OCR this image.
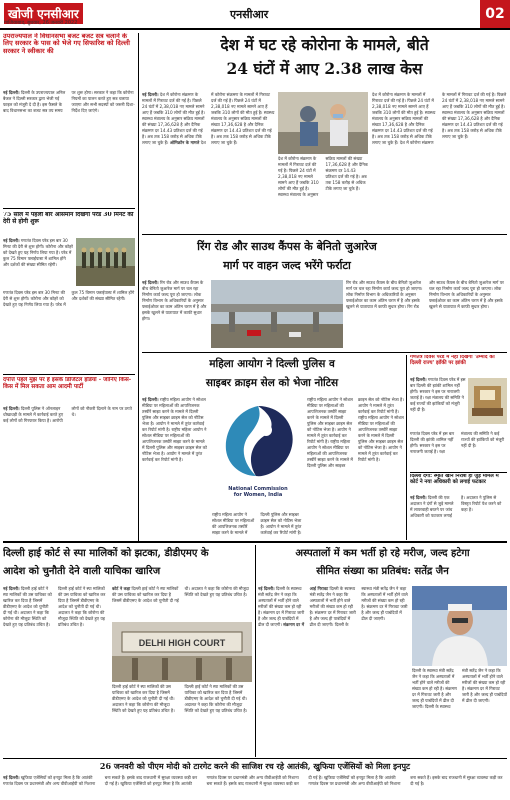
खोजी एनसीआर
गाजियाबाद, बुधवार, 26 जनवरी 2022
एनसीआर	02
उपराज्यपाल ने विधानसभा बजट बजट सत्र चलाने के लिए सरकार के पास को भेजे गए सिफारिश को दिल्ली सरकार ने स्वीकार की
नई दिल्ली। दिल्ली के उपराज्यपाल अनिल बैजल ने दिल्ली सरकार द्वारा भेजी गई फाइल को मंजूरी दे दी है। इस फैसले के बाद विधानसभा का बजट सत्र तय समय पर शुरू होगा। सरकार ने कहा कि कोरोना नियमों का पालन करते हुए सत्र चलाया जाएगा और सभी सदस्यों को जरूरी दिशा-निर्देश दिए जाएंगे।
75 साल में पहली बार आसमान दिखेगा परेड 30 मिनट की देरी से होगी शुरू
नई दिल्ली। गणतंत्र दिवस परेड इस बार 30 मिनट की देरी से शुरू होगी। कोरोना और कोहरे को देखते हुए यह निर्णय लिया गया है। परेड में कुल 75 विमान फ्लाईपास्ट में शामिल होंगे और दर्शकों की संख्या सीमित रहेगी।
गणतंत्र दिवस परेड इस बार 30 मिनट की देरी से शुरू होगी। कोरोना और कोहरे को देखते हुए यह निर्णय लिया गया है। परेड में कुल 75 विमान फ्लाईपास्ट में शामिल होंगे और दर्शकों की संख्या सीमित रहेगी।
दंपत्ति पहले मुझ पर हैं इसके डिजिटल इंडिया - जानिए किस-किस में मिल सकता आम आदमी पार्टी
नई दिल्ली। दिल्ली पुलिस ने ऑनलाइन धोखाधड़ी के मामले में कार्रवाई करते हुए कई लोगों को गिरफ्तार किया है। आरोपी लोगों को नौकरी दिलाने के नाम पर ठगते थे।
देश में घट रहे कोरोना के मामले, बीते
24 घंटों में आए 2.38 लाख केस
नई दिल्ली। देश में कोरोना संक्रमण के मामलों में गिरावट दर्ज की गई है। पिछले 24 घंटों में 2,38,018 नए मामले सामने आए हैं जबकि 310 लोगों की मौत हुई है। स्वास्थ्य मंत्रालय के अनुसार सक्रिय मामलों की संख्या 17,36,628 है और दैनिक संक्रमण दर 14.43 प्रतिशत दर्ज की गई है। अब तक 158 करोड़ से अधिक टीके लगाए जा चुके हैं। ओमिक्रॉन के मामले देश में कोरोना संक्रमण के मामलों में गिरावट दर्ज की गई है। पिछले 24 घंटों में 2,38,018 नए मामले सामने आए हैं जबकि 310 लोगों की मौत हुई है। स्वास्थ्य मंत्रालय के अनुसार सक्रिय मामलों की संख्या 17,36,628 है और दैनिक संक्रमण दर 14.43 प्रतिशत दर्ज की गई है। अब तक 158 करोड़ से अधिक टीके लगाए जा चुके हैं।
देश में कोरोना संक्रमण के मामलों में गिरावट दर्ज की गई है। पिछले 24 घंटों में 2,38,018 नए मामले सामने आए हैं जबकि 310 लोगों की मौत हुई है। स्वास्थ्य मंत्रालय के अनुसार सक्रिय मामलों की संख्या 17,36,628 है और दैनिक संक्रमण दर 14.43 प्रतिशत दर्ज की गई है। अब तक 158 करोड़ से अधिक टीके लगाए जा चुके हैं।
देश में कोरोना संक्रमण के मामलों में गिरावट दर्ज की गई है। पिछले 24 घंटों में 2,38,018 नए मामले सामने आए हैं जबकि 310 लोगों की मौत हुई है। स्वास्थ्य मंत्रालय के अनुसार सक्रिय मामलों की संख्या 17,36,628 है और दैनिक संक्रमण दर 14.43 प्रतिशत दर्ज की गई है। अब तक 158 करोड़ से अधिक टीके लगाए जा चुके हैं। देश में कोरोना संक्रमण के मामलों में गिरावट दर्ज की गई है। पिछले 24 घंटों में 2,38,018 नए मामले सामने आए हैं जबकि 310 लोगों की मौत हुई है। स्वास्थ्य मंत्रालय के अनुसार सक्रिय मामलों की संख्या 17,36,628 है और दैनिक संक्रमण दर 14.43 प्रतिशत दर्ज की गई है। अब तक 158 करोड़ से अधिक टीके लगाए जा चुके हैं।
रिंग रोड और साउथ कैंपस के बेनितो जुआरेज
मार्ग पर वाहन जल्द भरेंगे फर्राटा
नई दिल्ली। रिंग रोड और साउथ कैंपस के बीच बेनितो जुआरेज मार्ग पर चल रहा निर्माण कार्य जल्द पूरा हो जाएगा। लोक निर्माण विभाग के अधिकारियों के अनुसार फ्लाईओवर का काम अंतिम चरण में है और इसके खुलने से यातायात में काफी सुधार होगा।
रिंग रोड और साउथ कैंपस के बीच बेनितो जुआरेज मार्ग पर चल रहा निर्माण कार्य जल्द पूरा हो जाएगा। लोक निर्माण विभाग के अधिकारियों के अनुसार फ्लाईओवर का काम अंतिम चरण में है और इसके खुलने से यातायात में काफी सुधार होगा। रिंग रोड और साउथ कैंपस के बीच बेनितो जुआरेज मार्ग पर चल रहा निर्माण कार्य जल्द पूरा हो जाएगा। लोक निर्माण विभाग के अधिकारियों के अनुसार फ्लाईओवर का काम अंतिम चरण में है और इसके खुलने से यातायात में काफी सुधार होगा।
महिला आयोग ने दिल्ली पुलिस व
साइबर क्राइम सेल को भेजा नोटिस
नई दिल्ली। राष्ट्रीय महिला आयोग ने सोशल मीडिया पर महिलाओं की आपत्तिजनक तस्वीरें साझा करने के मामले में दिल्ली पुलिस और साइबर क्राइम सेल को नोटिस भेजा है। आयोग ने मामले में तुरंत कार्रवाई कर रिपोर्ट मांगी है। राष्ट्रीय महिला आयोग ने सोशल मीडिया पर महिलाओं की आपत्तिजनक तस्वीरें साझा करने के मामले में दिल्ली पुलिस और साइबर क्राइम सेल को नोटिस भेजा है। आयोग ने मामले में तुरंत कार्रवाई कर रिपोर्ट मांगी है।
National Commission
for Women, India
राष्ट्रीय महिला आयोग ने सोशल मीडिया पर महिलाओं की आपत्तिजनक तस्वीरें साझा करने के मामले में दिल्ली पुलिस और साइबर क्राइम सेल को नोटिस भेजा है। आयोग ने मामले में तुरंत कार्रवाई कर रिपोर्ट मांगी है।
राष्ट्रीय महिला आयोग ने सोशल मीडिया पर महिलाओं की आपत्तिजनक तस्वीरें साझा करने के मामले में दिल्ली पुलिस और साइबर क्राइम सेल को नोटिस भेजा है। आयोग ने मामले में तुरंत कार्रवाई कर रिपोर्ट मांगी है। राष्ट्रीय महिला आयोग ने सोशल मीडिया पर महिलाओं की आपत्तिजनक तस्वीरें साझा करने के मामले में दिल्ली पुलिस और साइबर क्राइम सेल को नोटिस भेजा है। आयोग ने मामले में तुरंत कार्रवाई कर रिपोर्ट मांगी है। राष्ट्रीय महिला आयोग ने सोशल मीडिया पर महिलाओं की आपत्तिजनक तस्वीरें साझा करने के मामले में दिल्ली पुलिस और साइबर क्राइम सेल को नोटिस भेजा है। आयोग ने मामले में तुरंत कार्रवाई कर रिपोर्ट मांगी है।
गणतंत्र दिवस परेड में नहीं दिखेगी 'उम्मीदें का दिल्ली राज्य' झाँकी पर झांकी
नई दिल्ली। गणतंत्र दिवस परेड में इस बार दिल्ली की झांकी शामिल नहीं होगी। सरकार ने इस पर नाराजगी जताई है। रक्षा मंत्रालय की समिति ने कई राज्यों की झांकियों को मंजूरी नहीं दी है।
गणतंत्र दिवस परेड में इस बार दिल्ली की झांकी शामिल नहीं होगी। सरकार ने इस पर नाराजगी जताई है। रक्षा मंत्रालय की समिति ने कई राज्यों की झांकियों को मंजूरी नहीं दी है।
दिल्ली दंगा: स्मृति खान निराश हो जुड़े मामले में कोर्ट ने नया अधिकारी को लगाई फटकार
नई दिल्ली। दिल्ली की एक अदालत ने दंगों से जुड़े मामले में लापरवाही बरतने पर जांच अधिकारी को फटकार लगाई है। अदालत ने पुलिस से विस्तृत रिपोर्ट पेश करने को कहा है।
दिल्ली हाई कोर्ट से स्पा मालिकों को झटका, डीडीएमए के
आदेश को चुनौती देने वाली याचिका खारिज
नई दिल्ली। दिल्ली हाई कोर्ट ने स्पा मालिकों की उस याचिका को खारिज कर दिया है जिसमें डीडीएमए के आदेश को चुनौती दी गई थी। अदालत ने कहा कि कोरोना की मौजूदा स्थिति को देखते हुए यह प्रतिबंध उचित है। दिल्ली हाई कोर्ट ने स्पा मालिकों की उस याचिका को खारिज कर दिया है जिसमें डीडीएमए के आदेश को चुनौती दी गई थी। अदालत ने कहा कि कोरोना की मौजूदा स्थिति को देखते हुए यह प्रतिबंध उचित है।
कोर्ट ने कहा दिल्ली हाई कोर्ट ने स्पा मालिकों की उस याचिका को खारिज कर दिया है जिसमें डीडीएमए के आदेश को चुनौती दी गई थी। अदालत ने कहा कि कोरोना की मौजूदा स्थिति को देखते हुए यह प्रतिबंध उचित है।
DELHI HIGH COURT
दिल्ली हाई कोर्ट ने स्पा मालिकों की उस याचिका को खारिज कर दिया है जिसमें डीडीएमए के आदेश को चुनौती दी गई थी। अदालत ने कहा कि कोरोना की मौजूदा स्थिति को देखते हुए यह प्रतिबंध उचित है। दिल्ली हाई कोर्ट ने स्पा मालिकों की उस याचिका को खारिज कर दिया है जिसमें डीडीएमए के आदेश को चुनौती दी गई थी। अदालत ने कहा कि कोरोना की मौजूदा स्थिति को देखते हुए यह प्रतिबंध उचित है।
अस्पतालों में कम भर्ती हो रहे मरीज, जल्द हटेगा
सीमित संख्या का प्रतिबंध: सतेंद्र जैन
नई दिल्ली। दिल्ली के स्वास्थ्य मंत्री सतेंद्र जैन ने कहा कि अस्पतालों में भर्ती होने वाले मरीजों की संख्या कम हो रही है। संक्रमण दर में गिरावट जारी है और जल्द ही पाबंदियों में ढील दी जाएगी। संक्रमण दर में आई गिरावट दिल्ली के स्वास्थ्य मंत्री सतेंद्र जैन ने कहा कि अस्पतालों में भर्ती होने वाले मरीजों की संख्या कम हो रही है। संक्रमण दर में गिरावट जारी है और जल्द ही पाबंदियों में ढील दी जाएगी। दिल्ली के स्वास्थ्य मंत्री सतेंद्र जैन ने कहा कि अस्पतालों में भर्ती होने वाले मरीजों की संख्या कम हो रही है। संक्रमण दर में गिरावट जारी है और जल्द ही पाबंदियों में ढील दी जाएगी।
दिल्ली के स्वास्थ्य मंत्री सतेंद्र जैन ने कहा कि अस्पतालों में भर्ती होने वाले मरीजों की संख्या कम हो रही है। संक्रमण दर में गिरावट जारी है और जल्द ही पाबंदियों में ढील दी जाएगी। दिल्ली के स्वास्थ्य मंत्री सतेंद्र जैन ने कहा कि अस्पतालों में भर्ती होने वाले मरीजों की संख्या कम हो रही है। संक्रमण दर में गिरावट जारी है और जल्द ही पाबंदियों में ढील दी जाएगी।
26 जनवरी को पीएम मोदी को टारगेट करने की साजिश रच रहे आतंकी, खुफिया एजेंसियों को मिला इनपुट
नई दिल्ली। खुफिया एजेंसियों को इनपुट मिला है कि आतंकी गणतंत्र दिवस पर प्रधानमंत्री और अन्य वीवीआईपी को निशाना बना सकते हैं। इसके बाद राजधानी में सुरक्षा व्यवस्था कड़ी कर दी गई है। खुफिया एजेंसियों को इनपुट मिला है कि आतंकी गणतंत्र दिवस पर प्रधानमंत्री और अन्य वीवीआईपी को निशाना बना सकते हैं। इसके बाद राजधानी में सुरक्षा व्यवस्था कड़ी कर दी गई है। खुफिया एजेंसियों को इनपुट मिला है कि आतंकी गणतंत्र दिवस पर प्रधानमंत्री और अन्य वीवीआईपी को निशाना बना सकते हैं। इसके बाद राजधानी में सुरक्षा व्यवस्था कड़ी कर दी गई है।
